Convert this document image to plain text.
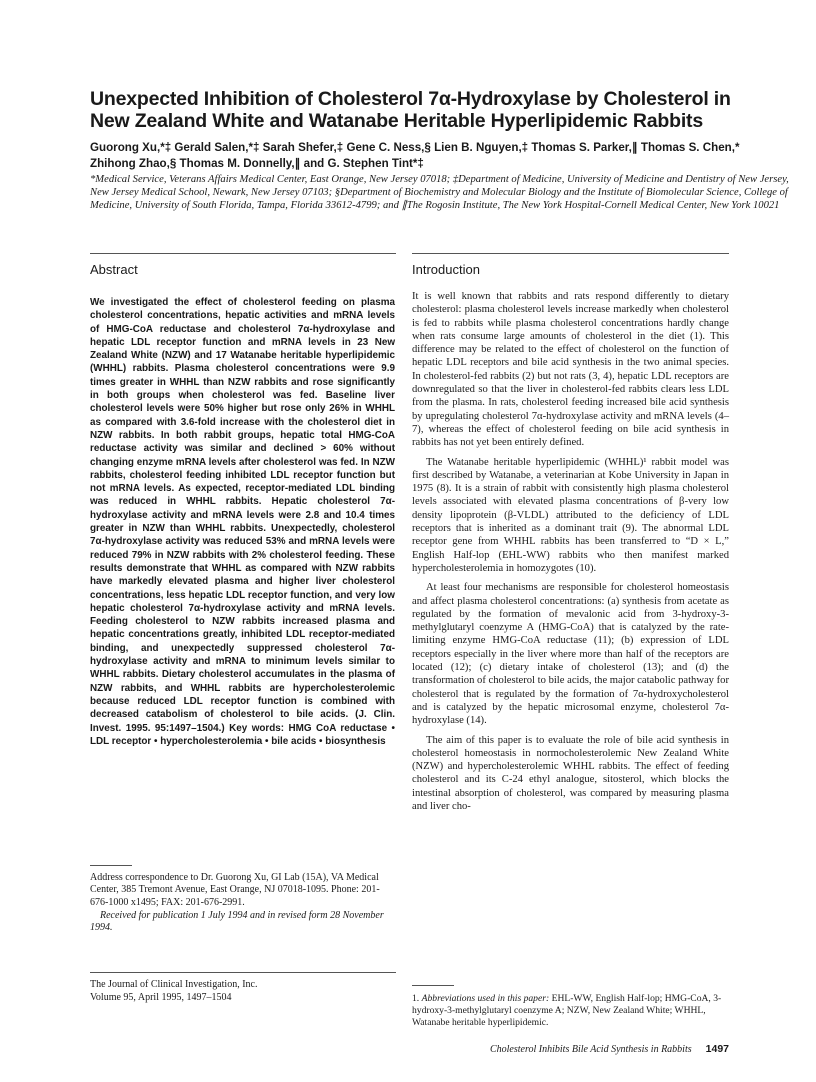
Unexpected Inhibition of Cholesterol 7α-Hydroxylase by Cholesterol in New Zealand White and Watanabe Heritable Hyperlipidemic Rabbits
Guorong Xu,*‡ Gerald Salen,*‡ Sarah Shefer,‡ Gene C. Ness,§ Lien B. Nguyen,‡ Thomas S. Parker,∥ Thomas S. Chen,* Zhihong Zhao,§ Thomas M. Donnelly,∥ and G. Stephen Tint*‡
*Medical Service, Veterans Affairs Medical Center, East Orange, New Jersey 07018; ‡Department of Medicine, University of Medicine and Dentistry of New Jersey, New Jersey Medical School, Newark, New Jersey 07103; §Department of Biochemistry and Molecular Biology and the Institute of Biomolecular Science, College of Medicine, University of South Florida, Tampa, Florida 33612-4799; and ∥The Rogosin Institute, The New York Hospital-Cornell Medical Center, New York 10021
Abstract

We investigated the effect of cholesterol feeding on plasma cholesterol concentrations, hepatic activities and mRNA levels of HMG-CoA reductase and cholesterol 7α-hydroxylase and hepatic LDL receptor function and mRNA levels in 23 New Zealand White (NZW) and 17 Watanabe heritable hyperlipidemic (WHHL) rabbits. Plasma cholesterol concentrations were 9.9 times greater in WHHL than NZW rabbits and rose significantly in both groups when cholesterol was fed. Baseline liver cholesterol levels were 50% higher but rose only 26% in WHHL as compared with 3.6-fold increase with the cholesterol diet in NZW rabbits. In both rabbit groups, hepatic total HMG-CoA reductase activity was similar and declined > 60% without changing enzyme mRNA levels after cholesterol was fed. In NZW rabbits, cholesterol feeding inhibited LDL receptor function but not mRNA levels. As expected, receptor-mediated LDL binding was reduced in WHHL rabbits. Hepatic cholesterol 7α-hydroxylase activity and mRNA levels were 2.8 and 10.4 times greater in NZW than WHHL rabbits. Unexpectedly, cholesterol 7α-hydroxylase activity was reduced 53% and mRNA levels were reduced 79% in NZW rabbits with 2% cholesterol feeding. These results demonstrate that WHHL as compared with NZW rabbits have markedly elevated plasma and higher liver cholesterol concentrations, less hepatic LDL receptor function, and very low hepatic cholesterol 7α-hydroxylase activity and mRNA levels. Feeding cholesterol to NZW rabbits increased plasma and hepatic concentrations greatly, inhibited LDL receptor-mediated binding, and unexpectedly suppressed cholesterol 7α-hydroxylase activity and mRNA to minimum levels similar to WHHL rabbits. Dietary cholesterol accumulates in the plasma of NZW rabbits, and WHHL rabbits are hypercholesterolemic because reduced LDL receptor function is combined with decreased catabolism of cholesterol to bile acids. (J. Clin. Invest. 1995. 95:1497–1504.) Key words: HMG CoA reductase • LDL receptor • hypercholesterolemia • bile acids • biosynthesis

Address correspondence to Dr. Guorong Xu, GI Lab (15A), VA Medical Center, 385 Tremont Avenue, East Orange, NJ 07018-1095. Phone: 201-676-1000 x1495; FAX: 201-676-2991.

Received for publication 1 July 1994 and in revised form 28 November 1994.

The Journal of Clinical Investigation, Inc.

Volume 95, April 1995, 1497–1504

Introduction

It is well known that rabbits and rats respond differently to dietary cholesterol: plasma cholesterol levels increase markedly when cholesterol is fed to rabbits while plasma cholesterol concentrations hardly change when rats consume large amounts of cholesterol in the diet (1). This difference may be related to the effect of cholesterol on the function of hepatic LDL receptors and bile acid synthesis in the two animal species. In cholesterol-fed rabbits (2) but not rats (3, 4), hepatic LDL receptors are downregulated so that the liver in cholesterol-fed rabbits clears less LDL from the plasma. In rats, cholesterol feeding increased bile acid synthesis by upregulating cholesterol 7α-hydroxylase activity and mRNA levels (4–7), whereas the effect of cholesterol feeding on bile acid synthesis in rabbits has not yet been entirely defined.

The Watanabe heritable hyperlipidemic (WHHL)¹ rabbit model was first described by Watanabe, a veterinarian at Kobe University in Japan in 1975 (8). It is a strain of rabbit with consistently high plasma cholesterol levels associated with elevated plasma concentrations of β-very low density lipoprotein (β-VLDL) attributed to the deficiency of LDL receptors that is inherited as a dominant trait (9). The abnormal LDL receptor gene from WHHL rabbits has been transferred to “D × L,” English Half-lop (EHL-WW) rabbits who then manifest marked hypercholesterolemia in homozygotes (10).

At least four mechanisms are responsible for cholesterol homeostasis and affect plasma cholesterol concentrations: (a) synthesis from acetate as regulated by the formation of mevalonic acid from 3-hydroxy-3-methylglutaryl coenzyme A (HMG-CoA) that is catalyzed by the rate-limiting enzyme HMG-CoA reductase (11); (b) expression of LDL receptors especially in the liver where more than half of the receptors are located (12); (c) dietary intake of cholesterol (13); and (d) the transformation of cholesterol to bile acids, the major catabolic pathway for cholesterol that is regulated by the formation of 7α-hydroxycholesterol and is catalyzed by the hepatic microsomal enzyme, cholesterol 7α-hydroxylase (14).

The aim of this paper is to evaluate the role of bile acid synthesis in cholesterol homeostasis in normocholesterolemic New Zealand White (NZW) and hypercholesterolemic WHHL rabbits. The effect of feeding cholesterol and its C-24 ethyl analogue, sitosterol, which blocks the intestinal absorption of cholesterol, was compared by measuring plasma and liver cho-

1. Abbreviations used in this paper: EHL-WW, English Half-lop; HMG-CoA, 3-hydroxy-3-methylglutaryl coenzyme A; NZW, New Zealand White; WHHL, Watanabe heritable hyperlipidemic.
Cholesterol Inhibits Bile Acid Synthesis in Rabbits 1497
